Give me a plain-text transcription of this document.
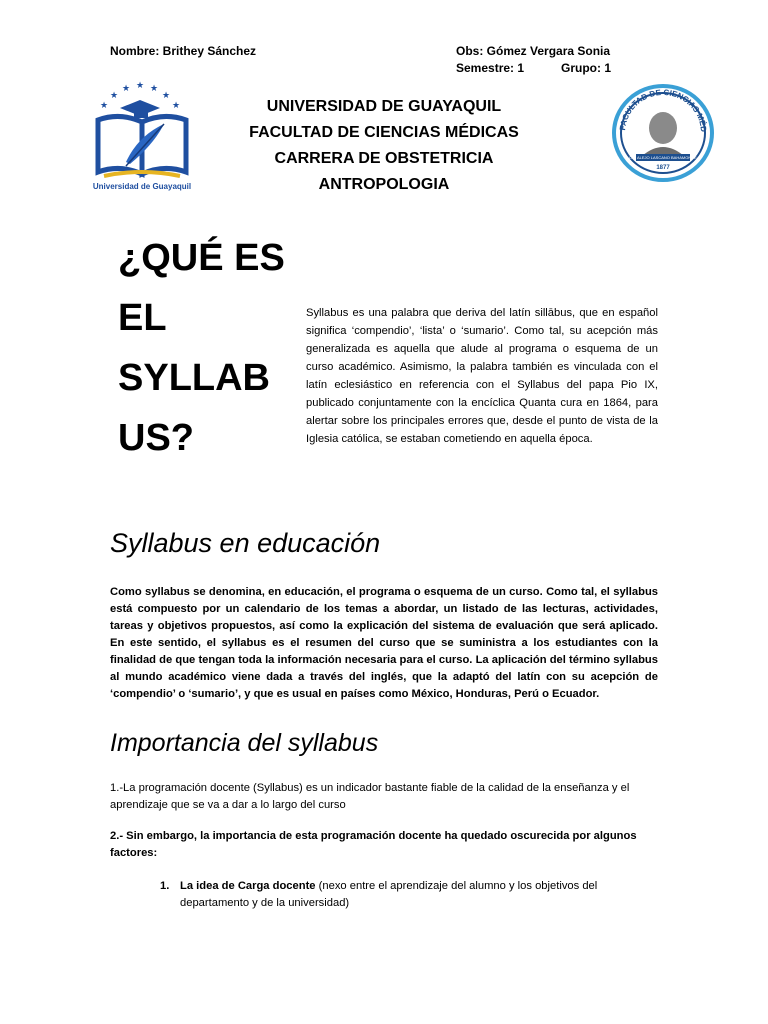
Nombre: Brithey Sánchez	Obs: Gómez Vergara Sonia
Semestre: 1	Grupo: 1
★
★
★ ★ ★
★
★
Universidad de Guayaquil
FACULTAD DE CIENCIAS MÉD
DR. ALEJO LASCANO BAHAMONDE
1877
UNIVERSIDAD DE GUAYAQUIL
FACULTAD DE CIENCIAS MÉDICAS
CARRERA DE OBSTETRICIA
ANTROPOLOGIA
¿QUÉ ES
EL
SYLLAB
US?
Syllabus es una palabra que deriva del latín sillābus, que en español significa ‘compendio’, ‘lista’ o ‘sumario’. Como tal, su acepción más generalizada es aquella que alude al programa o esquema de un curso académico. Asimismo, la palabra también es vinculada con el latín eclesiástico en referencia con el Syllabus del papa Pio IX, publicado conjuntamente con la encíclica Quanta cura en 1864, para alertar sobre los principales errores que, desde el punto de vista de la Iglesia católica, se estaban cometiendo en aquella época.
Syllabus en educación
Como syllabus se denomina, en educación, el programa o esquema de un curso. Como tal, el syllabus está compuesto por un calendario de los temas a abordar, un listado de las lecturas, actividades, tareas y objetivos propuestos, así como la explicación del sistema de evaluación que será aplicado. En este sentido, el syllabus es el resumen del curso que se suministra a los estudiantes con la finalidad de que tengan toda la información necesaria para el curso. La aplicación del término syllabus al mundo académico viene dada a través del inglés, que la adaptó del latín con su acepción de ‘compendio’ o ‘sumario’, y que es usual en países como México, Honduras, Perú o Ecuador.
Importancia del syllabus
1.-La programación docente (Syllabus) es un indicador bastante fiable de la calidad de la enseñanza y el aprendizaje que se va a dar a lo largo del curso
2.- Sin embargo, la importancia de esta programación docente ha quedado oscurecida por algunos factores:
1. La idea de Carga docente (nexo entre el aprendizaje del alumno y los objetivos del departamento y de la universidad)
